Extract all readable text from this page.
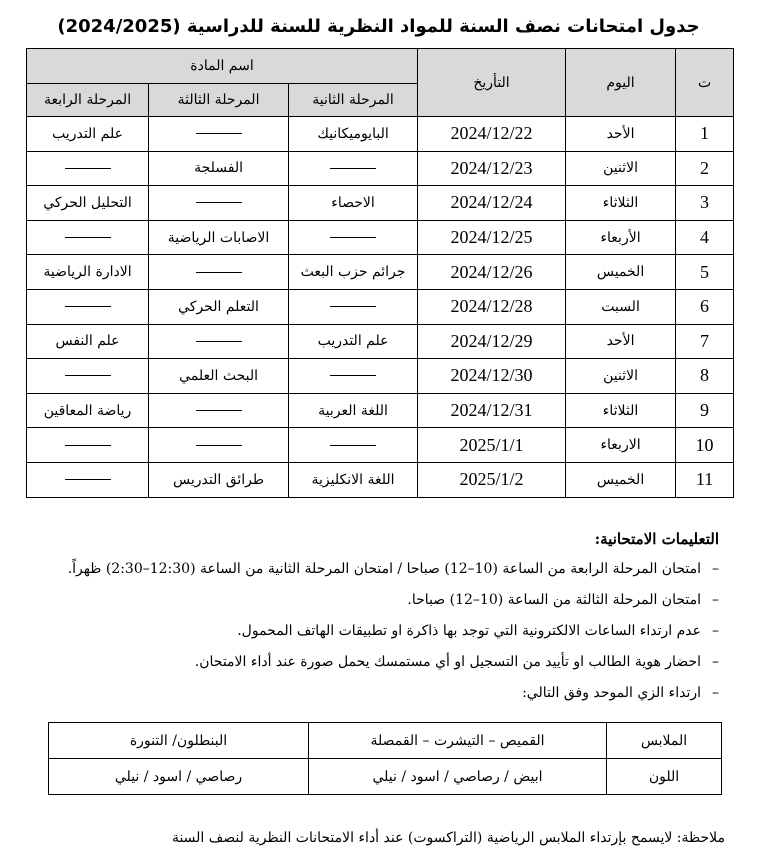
جدول امتحانات نصف السنة للمواد النظرية للسنة للدراسية (2024/2025)
ت	اليوم	التأريخ	اسم المادة		
			المرحلة الثانية	المرحلة الثالثة	المرحلة الرابعة
1	الأحد	2024/12/22	البايوميكانيك		علم التدريب
2	الاثنين	2024/12/23		الفسلجة	
3	الثلاثاء	2024/12/24	الاحصاء		التحليل الحركي
4	الأربعاء	2024/12/25		الاصابات الرياضية	
5	الخميس	2024/12/26	جرائم حزب البعث		الادارة الرياضية
6	السبت	2024/12/28		التعلم الحركي	
7	الأحد	2024/12/29	علم التدريب		علم النفس
8	الاثنين	2024/12/30		البحث العلمي	
9	الثلاثاء	2024/12/31	اللغة العربية		رياضة المعاقين
10	الاربعاء	2025/1/1			
11	الخميس	2025/1/2	اللغة الانكليزية	طرائق التدريس	
التعليمات الامتحانية:
–
امتحان المرحلة الرابعة من الساعة (10–12) صباحا / امتحان المرحلة الثانية من الساعة (12:30–2:30) ظهراً.
–
امتحان المرحلة الثالثة من الساعة (10–12) صباحا.
–
عدم ارتداء الساعات الالكترونية التي توجد بها ذاكرة او تطبيقات الهاتف المحمول.
–
احضار هوية الطالب او تأييد من التسجيل او أي مستمسك يحمل صورة عند أداء الامتحان.
–
ارتداء الزي الموحد وفق التالي:
الملابس	القميص – التيشرت – القمصلة	البنطلون/ التنورة
اللون	ابيض / رصاصي / اسود / نيلي	رصاصي / اسود / نيلي
ملاحظة: لايسمح بإرتداء الملابس الرياضية (التراكسوت) عند أداء الامتحانات النظرية لنصف السنة
